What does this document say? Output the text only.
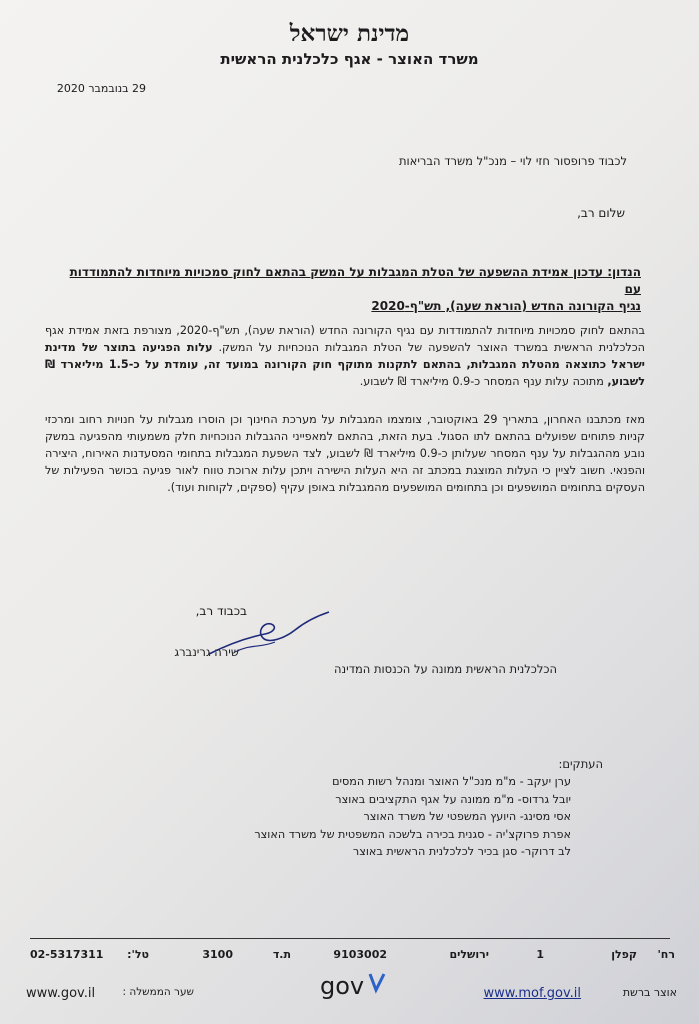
מדינת ישראל
משרד האוצר - אגף כלכלנית הראשית
29 בנובמבר 2020
לכבוד פרופסור חזי לוי – מנכ"ל משרד הבריאות
שלום רב,
הנדון: עדכון אמידת ההשפעה של הטלת המגבלות על המשק בהתאם לחוק סמכויות מיוחדות להתמודדות עם
נגיף הקורונה החדש (הוראת שעה), תש"ף-2020
בהתאם לחוק סמכויות מיוחדות להתמודדות עם נגיף הקורונה החדש (הוראת שעה), תש"ף-2020, מצורפת בזאת אמידת אגף הכלכלנית הראשית במשרד האוצר להשפעה של הטלת המגבלות הנוכחיות על המשק. עלות הפגיעה בתוצר של מדינת ישראל כתוצאה מהטלת המגבלות, בהתאם לתקנות מתוקף חוק הקורונה במועד זה, עומדת על כ-1.5 מיליארד ₪ לשבוע, מתוכה עלות ענף המסחר כ-0.9 מיליארד ₪ לשבוע.
מאז מכתבנו האחרון, בתאריך 29 באוקטובר, צומצמו המגבלות על מערכת החינוך וכן הוסרו מגבלות על חנויות רחוב ומרכזי קניות פתוחים שפועלים בהתאם לתו הסגול. בעת הזאת, בהתאם למאפייני ההגבלות הנוכחיות חלק משמעותי מהפגיעה במשק נובע מההגבלות על ענף המסחר שעלותן כ-0.9 מיליארד ₪ לשבוע, לצד השפעת המגבלות בתחומי המסעדנות האירוח, היצירה והפנאי. חשוב לציין כי העלות המוצגת במכתב זה היא העלות הישירה ויתכן עלות ארוכת טווח לאור פגיעה בכושר הפעילות של העסקים בתחומים המושפעים וכן בתחומים המושפעים מהמגבלות באופן עקיף (ספקים, לקוחות ועוד).
בכבוד רב,
שירה גרינברג
הכלכלנית הראשית ממונה על הכנסות המדינה
העתקים:
ערן יעקב - מ"מ מנכ"ל האוצר ומנהל רשות המסים
יובל גרדוס- מ"מ ממונה על אגף התקציבים באוצר
אסי מסינג- היועץ המשפטי של משרד האוצר
אפרת פרוקצ'יה - סגנית בכירה בלשכה המשפטית של משרד האוצר
לב דרוקר- סגן בכיר לכלכלנית הראשית באוצר
רח'
קפלן
1
ירושלים
9103002
ת.ד
3100
טל':
02-5317311
אוצר ברשת
www.mof.gov.il
gov
שער הממשלה :
www.gov.il
